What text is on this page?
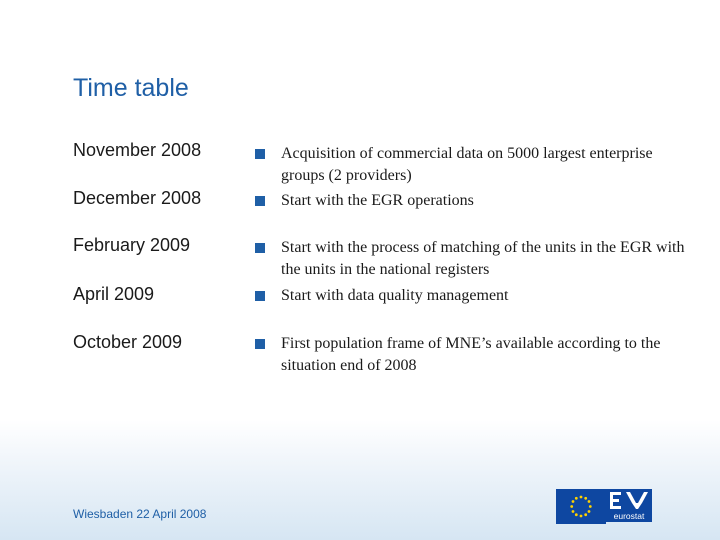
Time table
November 2008
December 2008
February 2009
April 2009
October 2009
Acquisition of commercial data on 5000 largest enterprise groups (2 providers)
Start with the EGR operations
Start with the process of matching of the units in the EGR with the units in the national registers
Start with data quality management
First population frame of MNE’s available according to the situation end of 2008
Wiesbaden 22 April 2008	eurostat
